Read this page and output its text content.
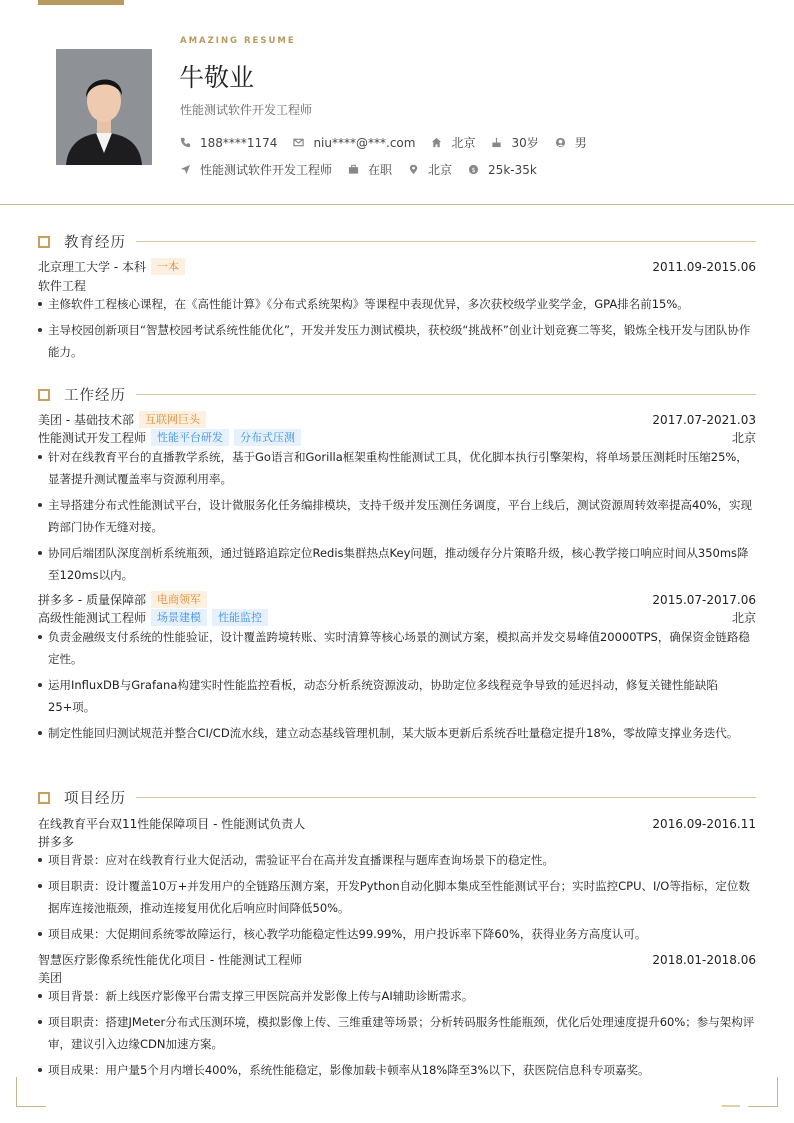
AMAZING RESUME
牛敬业
性能测试软件开发工程师
188****1174	niu****@***.com	北京	30岁	男
性能测试软件开发工程师	在职	北京	$ 25k-35k
教育经历
北京理工大学 - 本科	一本	2011.09-2015.06
软件工程
主修软件工程核心课程，在《高性能计算》《分布式系统架构》等课程中表现优异，多次获校级学业奖学金，GPA排名前15%。
主导校园创新项目“智慧校园考试系统性能优化”，开发并发压力测试模块，获校级“挑战杯”创业计划竞赛二等奖，锻炼全栈开发与团队协作能力。
工作经历
美团 - 基础技术部	互联网巨头	2017.07-2021.03
性能测试开发工程师	性能平台研发	分布式压测	北京
针对在线教育平台的直播教学系统，基于Go语言和Gorilla框架重构性能测试工具，优化脚本执行引擎架构，将单场景压测耗时压缩25%，显著提升测试覆盖率与资源利用率。
主导搭建分布式性能测试平台，设计微服务化任务编排模块，支持千级并发压测任务调度，平台上线后，测试资源周转效率提高40%，实现跨部门协作无缝对接。
协同后端团队深度剖析系统瓶颈，通过链路追踪定位Redis集群热点Key问题，推动缓存分片策略升级，核心教学接口响应时间从350ms降至120ms以内。
拼多多 - 质量保障部	电商领军	2015.07-2017.06
高级性能测试工程师	场景建模	性能监控	北京
负责金融级支付系统的性能验证，设计覆盖跨境转账、实时清算等核心场景的测试方案，模拟高并发交易峰值20000TPS，确保资金链路稳定性。
运用InfluxDB与Grafana构建实时性能监控看板，动态分析系统资源波动，协助定位多线程竞争导致的延迟抖动，修复关键性能缺陷25+项。
制定性能回归测试规范并整合CI/CD流水线，建立动态基线管理机制，某大版本更新后系统吞吐量稳定提升18%，零故障支撑业务迭代。
项目经历
在线教育平台双11性能保障项目 - 性能测试负责人	2016.09-2016.11
拼多多
项目背景：应对在线教育行业大促活动，需验证平台在高并发直播课程与题库查询场景下的稳定性。
项目职责：设计覆盖10万+并发用户的全链路压测方案，开发Python自动化脚本集成至性能测试平台；实时监控CPU、I/O等指标，定位数据库连接池瓶颈，推动连接复用优化后响应时间降低50%。
项目成果：大促期间系统零故障运行，核心教学功能稳定性达99.99%，用户投诉率下降60%，获得业务方高度认可。
智慧医疗影像系统性能优化项目 - 性能测试工程师	2018.01-2018.06
美团
项目背景：新上线医疗影像平台需支撑三甲医院高并发影像上传与AI辅助诊断需求。
项目职责：搭建JMeter分布式压测环境，模拟影像上传、三维重建等场景；分析转码服务性能瓶颈，优化后处理速度提升60%；参与架构评审，建议引入边缘CDN加速方案。
项目成果：用户量5个月内增长400%，系统性能稳定，影像加载卡顿率从18%降至3%以下，获医院信息科专项嘉奖。
